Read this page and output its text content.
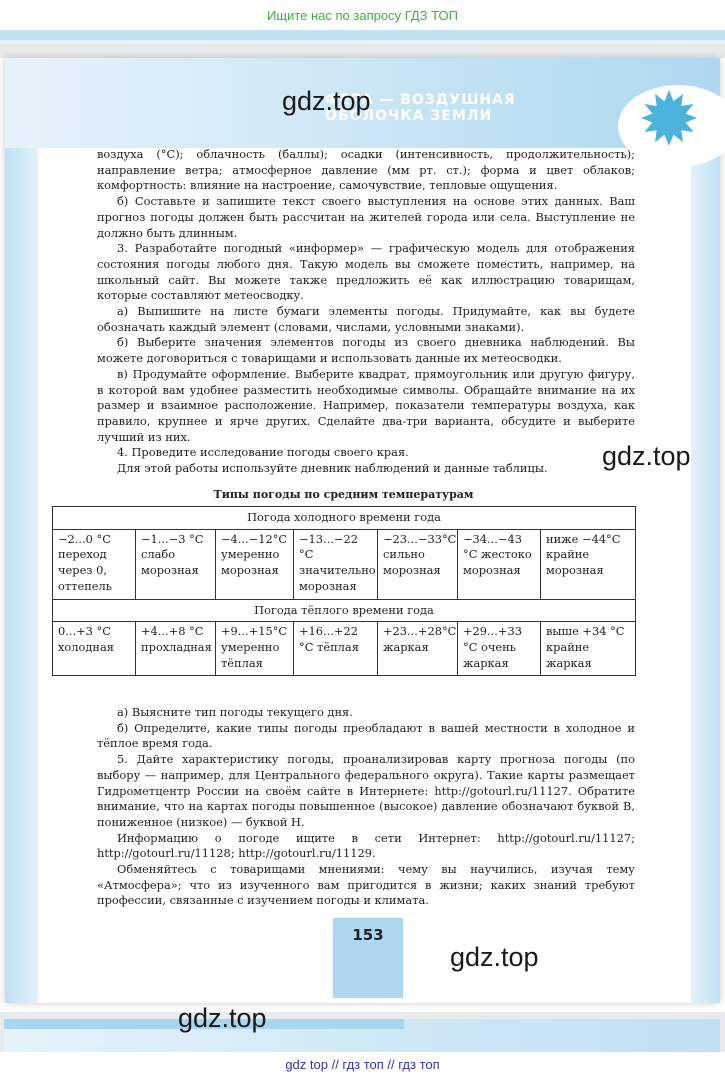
Ищите нас по запросу ГДЗ ТОП
ФЕРА — ВОЗДУШНАЯ
ОБОЛОЧКА ЗЕМЛИ
gdz.top

воздуха (°С); облачность (баллы); осадки (интенсивность, продолжительность); направление ветра; атмосферное давление (мм рт. ст.); форма и цвет облаков; комфортность: влияние на настроение, самочувствие, тепловые ощущения.

б) Составьте и запишите текст своего выступления на основе этих данных. Ваш прогноз погоды должен быть рассчитан на жителей города или села. Выступление не должно быть длинным.

3. Разработайте погодный «информер» — графическую модель для отображения состояния погоды любого дня. Такую модель вы сможете поместить, например, на школьный сайт. Вы можете также предложить её как иллюстрацию товарищам, которые составляют метеосводку.

а) Выпишите на листе бумаги элементы погоды. Придумайте, как вы будете обозначать каждый элемент (словами, числами, условными знаками).

б) Выберите значения элементов погоды из своего дневника наблюдений. Вы можете договориться с товарищами и использовать данные их метеосводки.

в) Продумайте оформление. Выберите квадрат, прямоугольник или другую фигуру, в которой вам удобнее разместить необходимые символы. Обращайте внимание на их размер и взаимное расположение. Например, показатели температуры воздуха, как правило, крупнее и ярче других. Сделайте два-три варианта, обсудите и выберите лучший из них.

4. Проведите исследование погоды своего края.

Для этой работы используйте дневник наблюдений и данные таблицы.	gdz.top
Типы погоды по средним температурам
Погода холодного времени года						
−2...0 °С переход через 0, оттепель	−1...−3 °С слабо морозная	−4...−12°С умеренно морозная	−13...−22 °С значительно морозная	−23...−33°С сильно морозная	−34...−43 °С жестоко морозная	ниже −44°С крайне морозная
Погода тёплого времени года						
0...+3 °С холодная	+4...+8 °С прохладная	+9...+15°С умеренно тёплая	+16...+22 °С тёплая	+23...+28°С жаркая	+29...+33 °С очень жаркая	выше +34 °С крайне жаркая

а) Выясните тип погоды текущего дня.

б) Определите, какие типы погоды преобладают в вашей местности в холодное и тёплое время года.

5. Дайте характеристику погоды, проанализировав карту прогноза погоды (по выбору — например, для Центрального федерального округа). Такие карты размещает Гидрометцентр России на своём сайте в Интернете: http://gotourl.ru/11127. Обратите внимание, что на картах погоды повышенное (высокое) давление обозначают буквой В, пониженное (низкое) — буквой Н.

Информацию о погоде ищите в сети Интернет: http://gotourl.ru/11127; http://gotourl.ru/11128; http://gotourl.ru/11129.

Обменяйтесь с товарищами мнениями: чему вы научились, изучая тему «Атмосфера»; что из изученного вам пригодится в жизни; каких знаний требуют профессии, связанные с изучением погоды и климата.

153
gdz.top
gdz.top
gdz top // гдз топ // гдз топ
